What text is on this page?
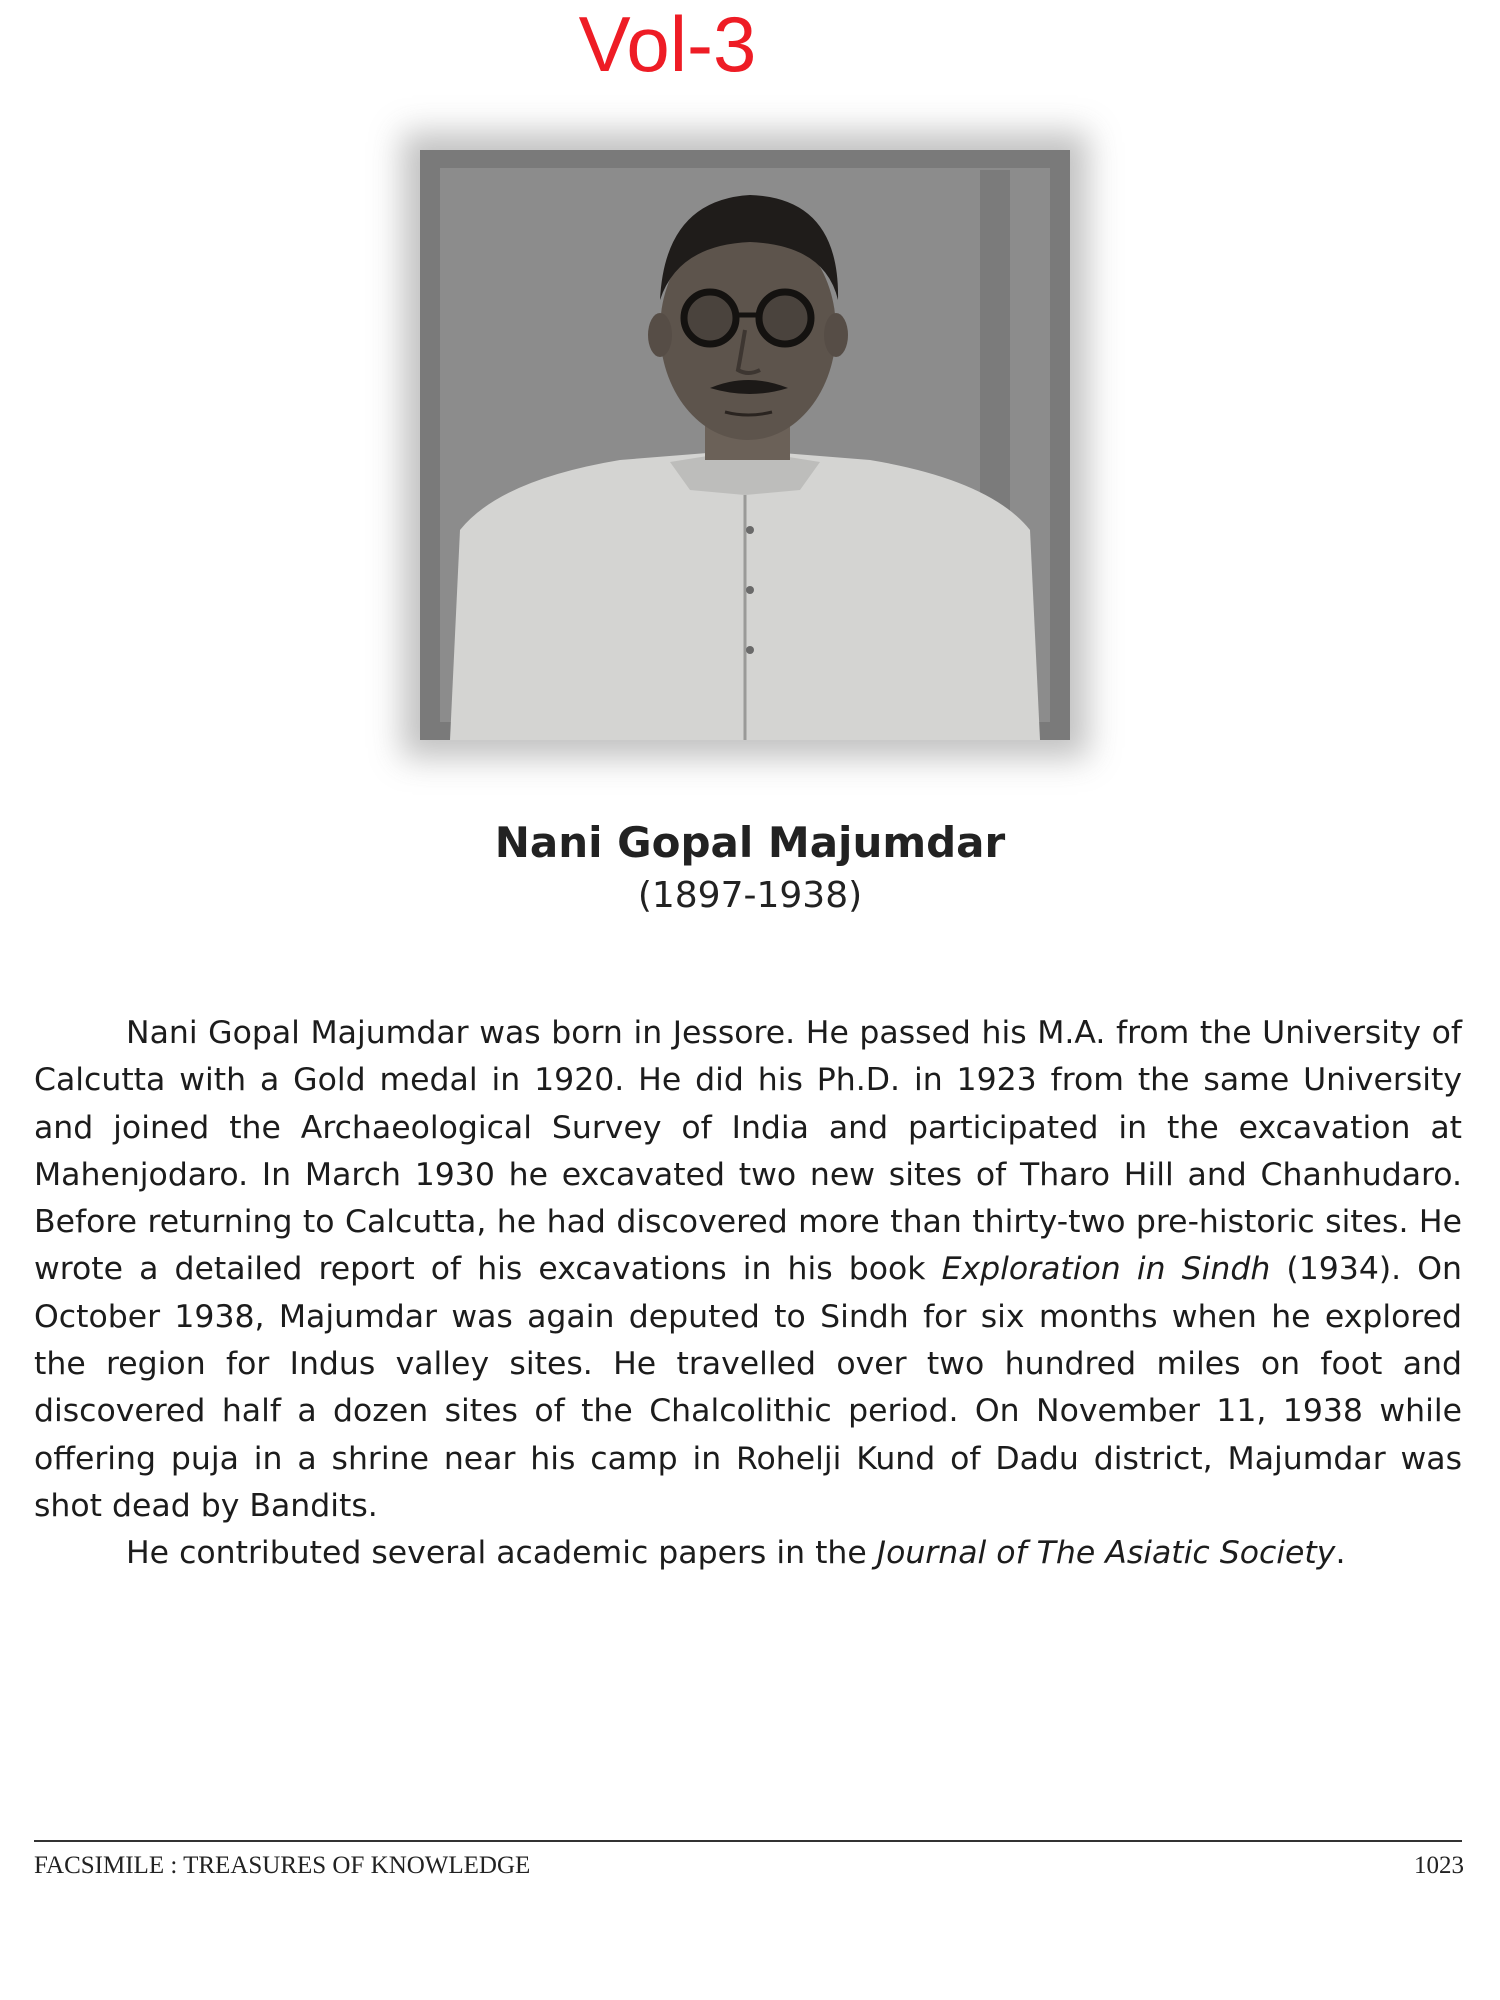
Vol-3
Nani Gopal Majumdar
(1897-1938)

Nani Gopal Majumdar was born in Jessore. He passed his M.A. from the University of Calcutta with a Gold medal in 1920. He did his Ph.D. in 1923 from the same University and joined the Archaeological Survey of India and participated in the excavation at Mahenjodaro. In March 1930 he excavated two new sites of Tharo Hill and Chanhudaro. Before returning to Calcutta, he had discovered more than thirty-two pre-historic sites. He wrote a detailed report of his excavations in his book Exploration in Sindh (1934). On October 1938, Majumdar was again deputed to Sindh for six months when he explored the region for Indus valley sites. He travelled over two hundred miles on foot and discovered half a dozen sites of the Chalcolithic period. On November 11, 1938 while offering puja in a shrine near his camp in Rohelji Kund of Dadu district, Majumdar was shot dead by Bandits.

He contributed several academic papers in the Journal of The Asiatic Society.

FACSIMILE : TREASURES OF KNOWLEDGE	1023
